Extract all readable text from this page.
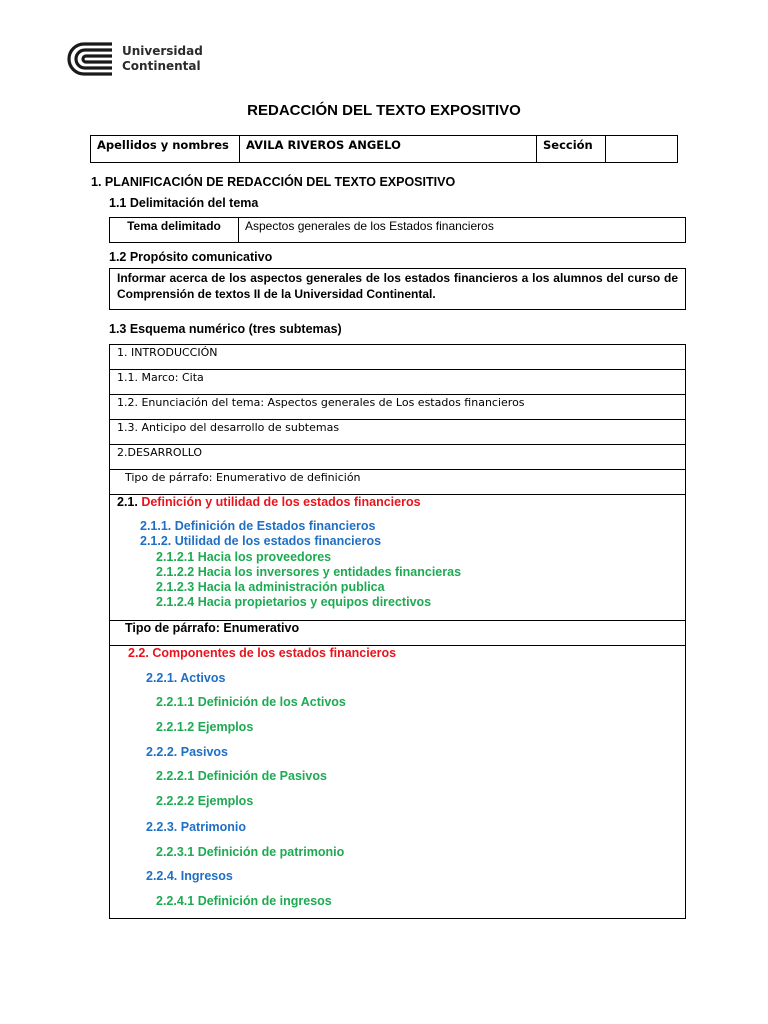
Universidad
Continental
REDACCIÓN DEL TEXTO EXPOSITIVO
Apellidos y nombres	AVILA RIVEROS ANGELO	Sección	
1. PLANIFICACIÓN DE REDACCIÓN DEL TEXTO EXPOSITIVO
1.1 Delimitación del tema
Tema delimitado	Aspectos generales de los Estados financieros
1.2 Propósito comunicativo
Informar acerca de los aspectos generales de los estados financieros a los alumnos del curso de Comprensión de textos II de la Universidad Continental.
1.3 Esquema numérico (tres subtemas)
1. INTRODUCCIÓN
1.1. Marco: Cita
1.2. Enunciación del tema: Aspectos generales de Los estados financieros
1.3. Anticipo del desarrollo de subtemas
2.DESARROLLO
Tipo de párrafo: Enumerativo de definición
2.1. Definición y utilidad de los estados financieros
2.1.1. Definición de Estados financieros
2.1.2. Utilidad de los estados financieros
2.1.2.1 Hacia los proveedores
2.1.2.2 Hacia los inversores y entidades financieras
2.1.2.3 Hacia la administración publica
2.1.2.4 Hacia propietarios y equipos directivos
Tipo de párrafo: Enumerativo
2.2. Componentes de los estados financieros
2.2.1. Activos
2.2.1.1 Definición de los Activos
2.2.1.2 Ejemplos
2.2.2. Pasivos
2.2.2.1 Definición de Pasivos
2.2.2.2 Ejemplos
2.2.3. Patrimonio
2.2.3.1 Definición de patrimonio
2.2.4. Ingresos
2.2.4.1 Definición de ingresos
